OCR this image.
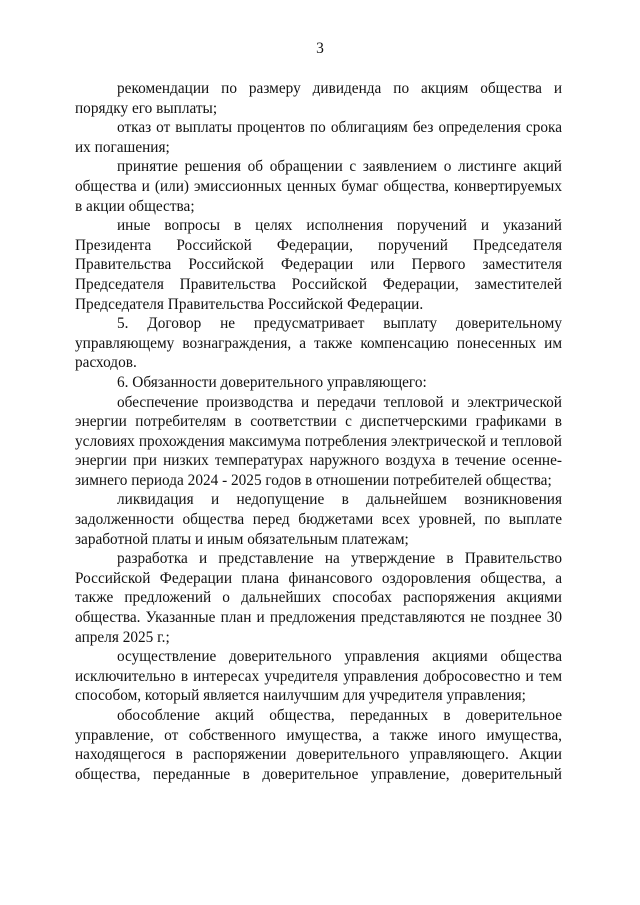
3

рекомендации по размеру дивиденда по акциям общества и порядку его выплаты;

отказ от выплаты процентов по облигациям без определения срока их погашения;

принятие решения об обращении с заявлением о листинге акций общества и (или) эмиссионных ценных бумаг общества, конвертируемых в акции общества;

иные вопросы в целях исполнения поручений и указаний Президента Российской Федерации, поручений Председателя Правительства Российской Федерации или Первого заместителя Председателя Правительства Российской Федерации, заместителей Председателя Правительства Российской Федерации.

5. Договор не предусматривает выплату доверительному управляющему вознаграждения, а также компенсацию понесенных им расходов.

6. Обязанности доверительного управляющего:

обеспечение производства и передачи тепловой и электрической энергии потребителям в соответствии с диспетчерскими графиками в условиях прохождения максимума потребления электрической и тепловой энергии при низких температурах наружного воздуха в течение осенне-зимнего периода 2024 - 2025 годов в отношении потребителей общества;

ликвидация и недопущение в дальнейшем возникновения задолженности общества перед бюджетами всех уровней, по выплате заработной платы и иным обязательным платежам;

разработка и представление на утверждение в Правительство Российской Федерации плана финансового оздоровления общества, а также предложений о дальнейших способах распоряжения акциями общества. Указанные план и предложения представляются не позднее 30 апреля 2025 г.;

осуществление доверительного управления акциями общества исключительно в интересах учредителя управления добросовестно и тем способом, который является наилучшим для учредителя управления;

обособление акций общества, переданных в доверительное управление, от собственного имущества, а также иного имущества, находящегося в распоряжении доверительного управляющего. Акции общества, переданные в доверительное управление, доверительный
